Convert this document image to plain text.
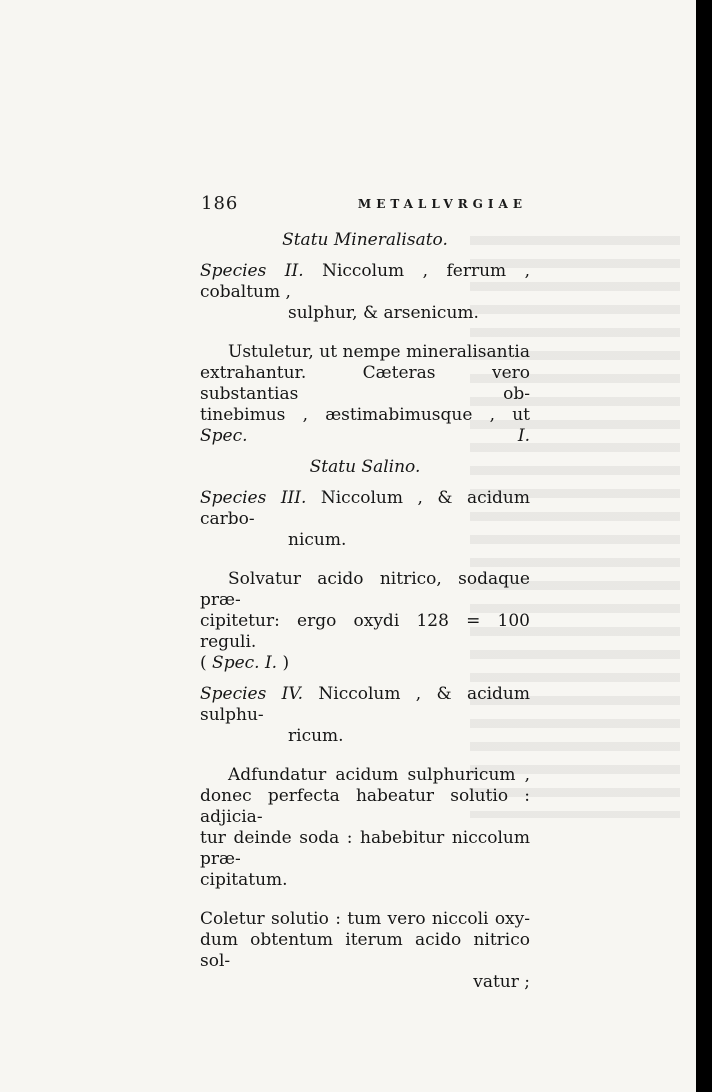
186	METALLVRGIAE
Statu Mineralisato.
Species II. Niccolum , ferrum , cobaltum ,
sulphur, & arsenicum.
Ustuletur, ut nempe mineralisantia
extrahantur. Cæteras vero substantias ob-
tinebimus , æstimabimusque , ut Spec. I.
Statu Salino.
Species III. Niccolum , & acidum carbo-
nicum.
Solvatur acido nitrico, sodaque præ-
cipitetur: ergo oxydi 128 = 100 reguli.
( Spec. I. )
Species IV. Niccolum , & acidum sulphu-
ricum.
Adfundatur acidum sulphuricum ,
donec perfecta habeatur solutio : adjicia-
tur deinde soda : habebitur niccolum præ-
cipitatum.
Coletur solutio : tum vero niccoli oxy-
dum obtentum iterum acido nitrico sol-
vatur ;
